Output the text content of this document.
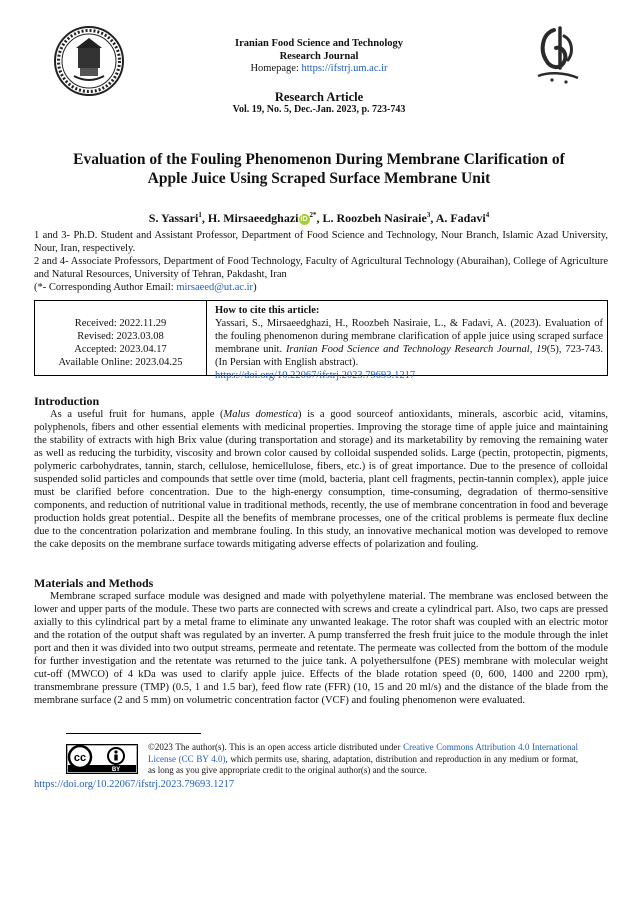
Iranian Food Science and Technology
Research Journal
Homepage: https://ifstrj.um.ac.ir
Research Article
Vol. 19, No. 5, Dec.-Jan. 2023, p. 723-743
Evaluation of the Fouling Phenomenon During Membrane Clarification of Apple Juice Using Scraped Surface Membrane Unit
S. Yassari$^1$, H. Mirsaeedghazi $iD^{2*}$, L. Roozbeh Nasiraie$^3$, A. Fadavi$^4$
1 and 3- Ph.D. Student and Assistant Professor, Department of Food Science and Technology, Nour Branch, Islamic Azad University, Nour, Iran, respectively.
2 and 4- Associate Professors, Department of Food Technology, Faculty of Agricultural Technology (Aburaihan), College of Agriculture and Natural Resources, University of Tehran, Pakdasht, Iran
(*- Corresponding Author Email: mirsaeed@ut.ac.ir)
Received: 2022.11.29
Revised: 2023.03.08
Accepted: 2023.04.17
Available Online: 2023.04.25
How to cite this article:
Yassari, S., Mirsaeedghazi, H., Roozbeh Nasiraie, L., & Fadavi, A. (2023). Evaluation of the fouling phenomenon during membrane clarification of apple juice using scraped surface membrane unit. Iranian Food Science and Technology Research Journal, 19(5), 723-743. (In Persian with English abstract).
https://doi.org/10.22067/ifstrj.2023.79693.1217
Introduction

As a useful fruit for humans, apple (Malus domestica) is a good sourceof antioxidants, minerals, ascorbic acid, vitamins, polyphenols, fibers and other essential elements with medicinal properties. Improving the storage time of apple juice and maintaining the stability of extracts with high Brix value (during transportation and storage) and its marketability by removing the remaining water as well as reducing the turbidity, viscosity and brown color caused by colloidal suspended solids. Large (pectin, protopectin, pigments, polymeric carbohydrates, tannin, starch, cellulose, hemicellulose, fibers, etc.) is of great importance. Due to the presence of colloidal suspended solid particles and compounds that settle over time (mold, bacteria, plant cell fragments, pectin-tannin complex), apple juice must be clarified before concentration. Due to the high-energy consumption, time-consuming, degradation of thermo-sensitive components, and reduction of nutritional value in traditional methods, recently, the use of membrane concentration in food and beverage production holds great potential.. Despite all the benefits of membrane processes, one of the critical problems is permeate flux decline due to the concentration polarization and membrane fouling. In this study, an innovative mechanical motion was developed to remove the cake deposits on the membrane surface towards mitigating adverse effects of polarization and fouling.

Materials and Methods

Membrane scraped surface module was designed and made with polyethylene material. The membrane was enclosed between the lower and upper parts of the module. These two parts are connected with screws and create a cylindrical part. Also, two caps are pressed axially to this cylindrical part by a metal frame to eliminate any unwanted leakage. The rotor shaft was coupled with an electric motor and the rotation of the output shaft was regulated by an inverter. A pump transferred the fresh fruit juice to the module through the inlet port and then it was divided into two output streams, permeate and retentate. The permeate was collected from the bottom of the module for further investigation and the retentate was returned to the juice tank. A polyethersulfone (PES) membrane with molecular weight cut-off (MWCO) of 4 kDa was used to clarify apple juice. Effects of the blade rotation speed (0, 600, 1400 and 2200 rpm), transmembrane pressure (TMP) (0.5, 1 and 1.5 bar), feed flow rate (FFR) (10, 15 and 20 ml/s) and the distance of the blade from the membrane surface (2 and 5 mm) on volumetric concentration factor (VCF) and fouling phenomenon were evaluated.

cc
BY
©2023 The author(s). This is an open access article distributed under Creative Commons Attribution 4.0 International License (CC BY 4.0), which permits use, sharing, adaptation, distribution and reproduction in any medium or format, as long as you give appropriate credit to the original author(s) and the source.
https://doi.org/10.22067/ifstrj.2023.79693.1217
